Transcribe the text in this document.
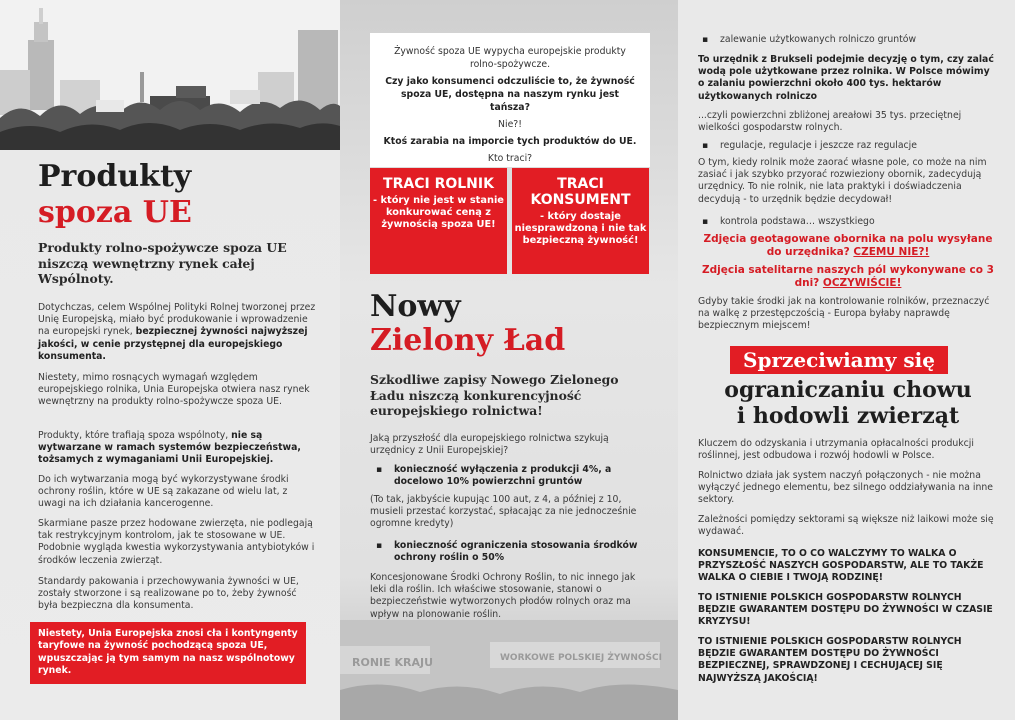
Produkty
spoza UE
Produkty rolno-spożywcze spoza UE niszczą wewnętrzny rynek całej Wspólnoty.
Dotychczas, celem Wspólnej Polityki Rolnej tworzonej przez Unię Europejską, miało być produkowanie i wprowadzenie na europejski rynek, bezpiecznej żywności najwyższej jakości, w cenie przystępnej dla europejskiego konsumenta.
Niestety, mimo rosnących wymagań względem europejskiego rolnika, Unia Europejska otwiera nasz rynek wewnętrzny na produkty rolno-spożywcze spoza UE.
Produkty, które trafiają spoza wspólnoty, nie są wytwarzane w ramach systemów bezpieczeństwa, tożsamych z wymaganiami Unii Europejskiej.
Do ich wytwarzania mogą być wykorzystywane środki ochrony roślin, które w UE są zakazane od wielu lat, z uwagi na ich działania kancerogenne.
Skarmiane pasze przez hodowane zwierzęta, nie podlegają tak restrykcyjnym kontrolom, jak te stosowane w UE. Podobnie wygląda kwestia wykorzystywania antybiotyków i środków leczenia zwierząt.
Standardy pakowania i przechowywania żywności w UE, zostały stworzone i są realizowane po to, żeby żywność była bezpieczna dla konsumenta.
Niestety, Unia Europejska znosi cła i kontyngenty taryfowe na żywność pochodzącą spoza UE, wpuszczając ją tym samym na nasz wspólnotowy rynek.
RONIE KRAJU	WORKOWE POLSKIEJ ŻYWNOŚCI
Żywność spoza UE wypycha europejskie produkty rolno-spożywcze.
Czy jako konsumenci odczuliście to, że żywność spoza UE, dostępna na naszym rynku jest tańsza?
Nie?!
Ktoś zarabia na imporcie tych produktów do UE.
Kto traci?
TRACI ROLNIK
- który nie jest w stanie konkurować ceną z żywnością spoza UE!
TRACI KONSUMENT
- który dostaje niesprawdzoną i nie tak bezpieczną żywność!
Nowy
Zielony Ład
Szkodliwe zapisy Nowego Zielonego Ładu niszczą konkurencyjność europejskiego rolnictwa!
Jaką przyszłość dla europejskiego rolnictwa szykują urzędnicy z Unii Europejskiej?
▪ konieczność wyłączenia z produkcji 4%, a docelowo 10% powierzchni gruntów
(To tak, jakbyście kupując 100 aut, z 4, a później z 10, musieli przestać korzystać, spłacając za nie jednocześnie ogromne kredyty)
▪ konieczność ograniczenia stosowania środków ochrony roślin o 50%
Koncesjonowane Środki Ochrony Roślin, to nic innego jak leki dla roślin. Ich właściwe stosowanie, stanowi o bezpieczeństwie wytworzonych płodów rolnych oraz ma wpływ na plonowanie roślin.
▪ zalewanie użytkowanych rolniczo gruntów
To urzędnik z Brukseli podejmie decyzję o tym, czy zalać wodą pole użytkowane przez rolnika. W Polsce mówimy o zalaniu powierzchni około 400 tys. hektarów użytkowanych rolniczo
...czyli powierzchni zbliżonej areałowi 35 tys. przeciętnej wielkości gospodarstw rolnych.
▪ regulacje, regulacje i jeszcze raz regulacje
O tym, kiedy rolnik może zaorać własne pole, co może na nim zasiać i jak szybko przyorać rozwieziony obornik, zadecydują urzędnicy. To nie rolnik, nie lata praktyki i doświadczenia decydują - to urzędnik będzie decydował!
▪ kontrola podstawa… wszystkiego
Zdjęcia geotagowane obornika na polu wysyłane do urzędnika? CZEMU NIE?!
Zdjęcia satelitarne naszych pól wykonywane co 3 dni? OCZYWIŚCIE!
Gdyby takie środki jak na kontrolowanie rolników, przeznaczyć na walkę z przestępczością - Europa byłaby naprawdę bezpiecznym miejscem!
Sprzeciwiamy się
ograniczaniu chowu
i hodowli zwierząt
Kluczem do odzyskania i utrzymania opłacalności produkcji roślinnej, jest odbudowa i rozwój hodowli w Polsce.
Rolnictwo działa jak system naczyń połączonych - nie można wyłączyć jednego elementu, bez silnego oddziaływania na inne sektory.
Zależności pomiędzy sektorami są większe niż laikowi może się wydawać.
KONSUMENCIE, TO O CO WALCZYMY TO WALKA O PRZYSZŁOŚĆ NASZYCH GOSPODARSTW, ALE TO TAKŻE WALKA O CIEBIE I TWOJĄ RODZINĘ!
TO ISTNIENIE POLSKICH GOSPODARSTW ROLNYCH BĘDZIE GWARANTEM DOSTĘPU DO ŻYWNOŚCI W CZASIE KRYZYSU!
TO ISTNIENIE POLSKICH GOSPODARSTW ROLNYCH BĘDZIE GWARANTEM DOSTĘPU DO ŻYWNOŚCI BEZPIECZNEJ, SPRAWDZONEJ I CECHUJĄCEJ SIĘ NAJWYŻSZĄ JAKOŚCIĄ!
